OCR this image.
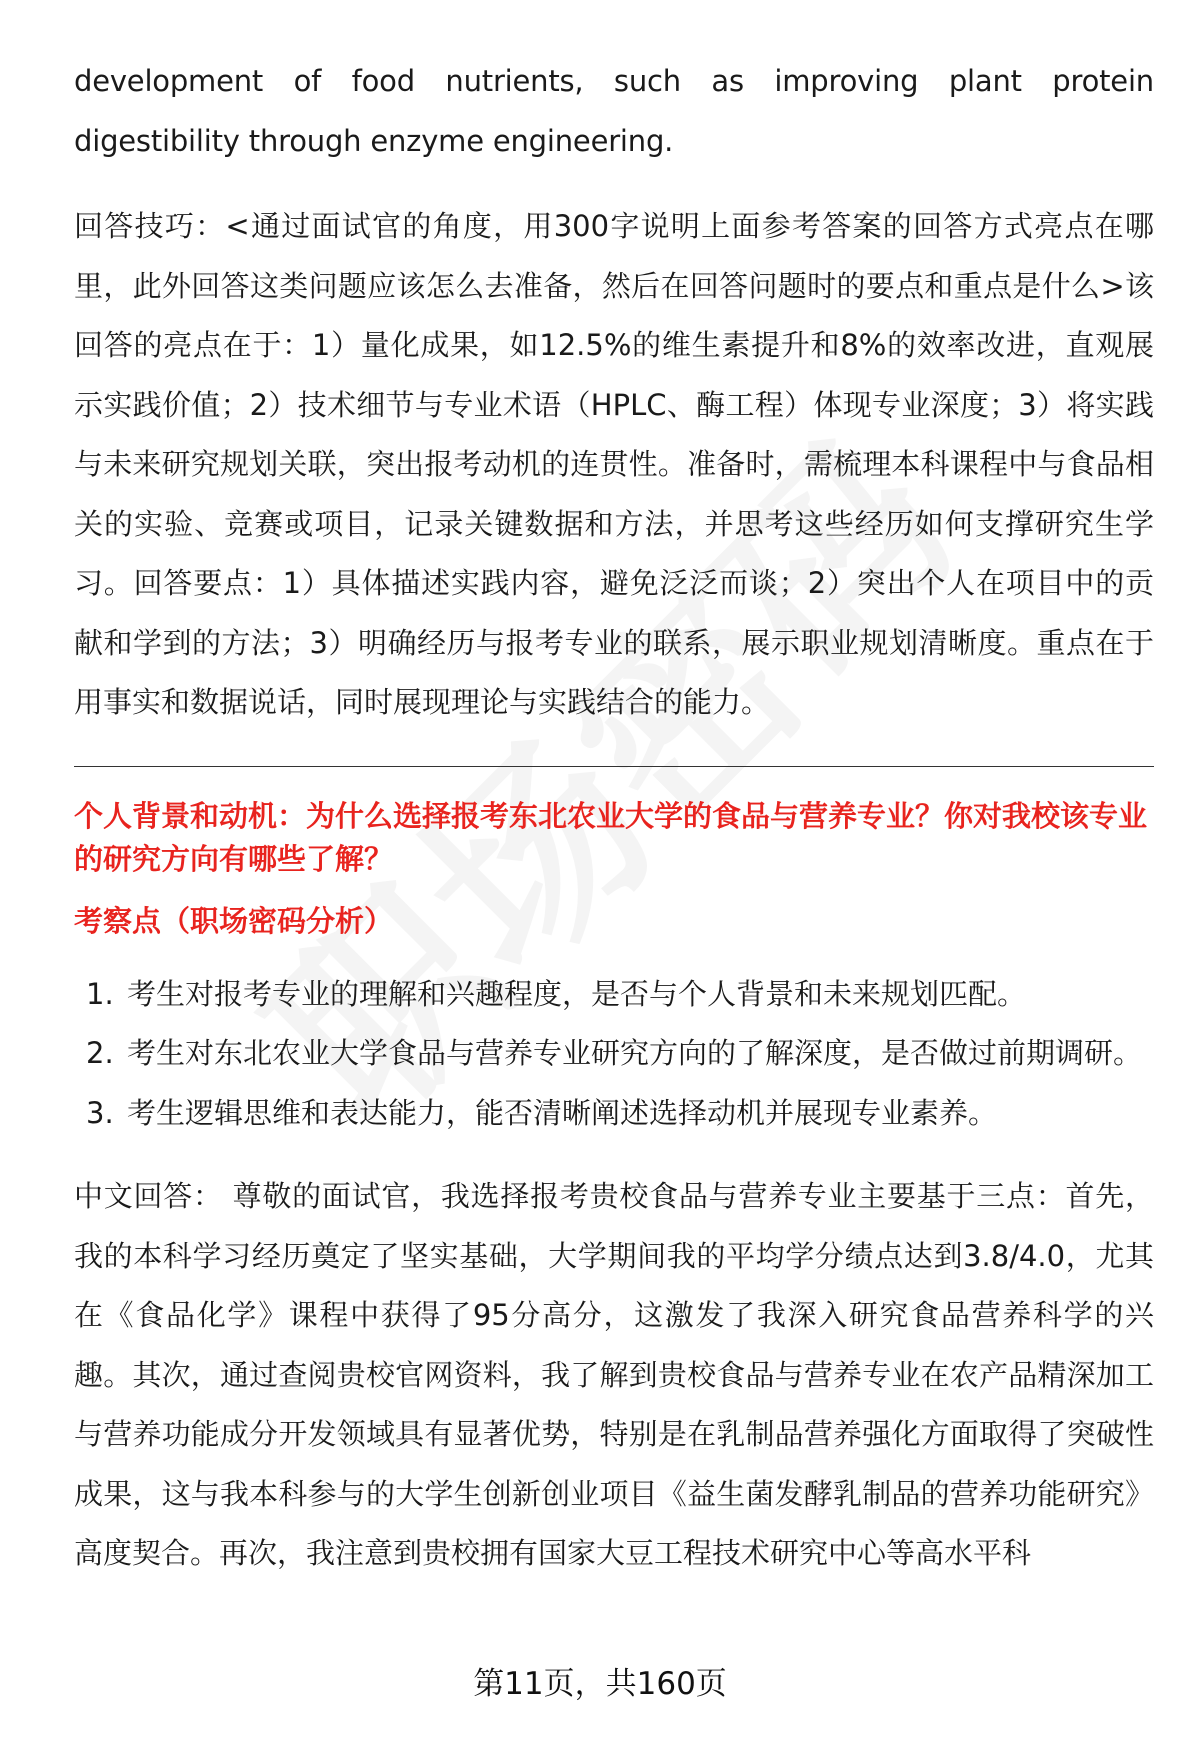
development of food nutrients, such as improving plant protein digestibility through enzyme engineering.

回答技巧：<通过面试官的角度，用300字说明上面参考答案的回答方式亮点在哪里，此外回答这类问题应该怎么去准备，然后在回答问题时的要点和重点是什么>该回答的亮点在于：1）量化成果，如12.5%的维生素提升和8%的效率改进，直观展示实践价值；2）技术细节与专业术语（HPLC、酶工程）体现专业深度；3）将实践与未来研究规划关联，突出报考动机的连贯性。准备时，需梳理本科课程中与食品相关的实验、竞赛或项目，记录关键数据和方法，并思考这些经历如何支撑研究生学习。回答要点：1）具体描述实践内容，避免泛泛而谈；2）突出个人在项目中的贡献和学到的方法；3）明确经历与报考专业的联系，展示职业规划清晰度。重点在于用事实和数据说话，同时展现理论与实践结合的能力。

个人背景和动机：为什么选择报考东北农业大学的食品与营养专业？你对我校该专业的研究方向有哪些了解？
考察点（职场密码分析）
1. 考生对报考专业的理解和兴趣程度，是否与个人背景和未来规划匹配。
2. 考生对东北农业大学食品与营养专业研究方向的了解深度，是否做过前期调研。
3. 考生逻辑思维和表达能力，能否清晰阐述选择动机并展现专业素养。

中文回答： 尊敬的面试官，我选择报考贵校食品与营养专业主要基于三点：首先，我的本科学习经历奠定了坚实基础，大学期间我的平均学分绩点达到3.8/4.0，尤其在《食品化学》课程中获得了95分高分，这激发了我深入研究食品营养科学的兴趣。其次，通过查阅贵校官网资料，我了解到贵校食品与营养专业在农产品精深加工与营养功能成分开发领域具有显著优势，特别是在乳制品营养强化方面取得了突破性成果，这与我本科参与的大学生创新创业项目《益生菌发酵乳制品的营养功能研究》高度契合。再次，我注意到贵校拥有国家大豆工程技术研究中心等高水平科

第11页，共160页
